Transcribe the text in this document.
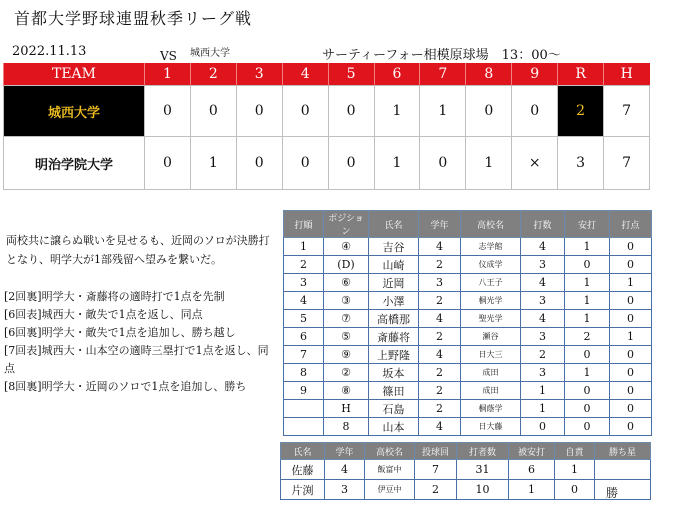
首都大学野球連盟秋季リーグ戦
2022.11.13	VS 城西大学	サーティーフォー相模原球場　13：00～
TEAM	1	2	3	4	5	6	7	8	9	R	H
城西大学	0	0	0	0	0	1	1	0	0	2	7
明治学院大学	0	1	0	0	0	1	0	1	×	3	7
両校共に譲らぬ戦いを見せるも、近岡のソロが決勝打となり、明学大が1部残留へ望みを繋いだ。
[2回裏]明学大・斎藤将の適時打で1点を先制
[6回表]城西大・敵失で1点を返し、同点
[6回裏]明学大・敵失で1点を追加し、勝ち越し
[7回表]城西大・山本空の適時三塁打で1点を返し、同点
[8回裏]明学大・近岡のソロで1点を追加し、勝ち
打順	ポジション	氏名	学年	高校名	打数	安打	打点
1	④	吉谷	4	志学館	4	1	0
2	(D)	山崎	2	仪成学	3	0	0
3	⑥	近岡	3	八王子	4	1	1
4	③	小澤	2	桐光学	3	1	0
5	⑦	高橋那	4	聖光学	4	1	0
6	⑤	斎藤将	2	瀬谷	3	2	1
7	⑨	上野隆	4	日大三	2	0	0
8	②	坂本	2	成田	3	1	0
9	⑧	篠田	2	成田	1	0	0
	H	石島	2	桐蔭学	1	0	0
	8	山本	4	日大藤	0	0	0
氏名	学年	高校名	投球回	打者数	被安打	自責	勝ち星
佐藤	4	飯富中	7	31	6	1	
片渕	3	伊豆中	2	10	1	0	勝
